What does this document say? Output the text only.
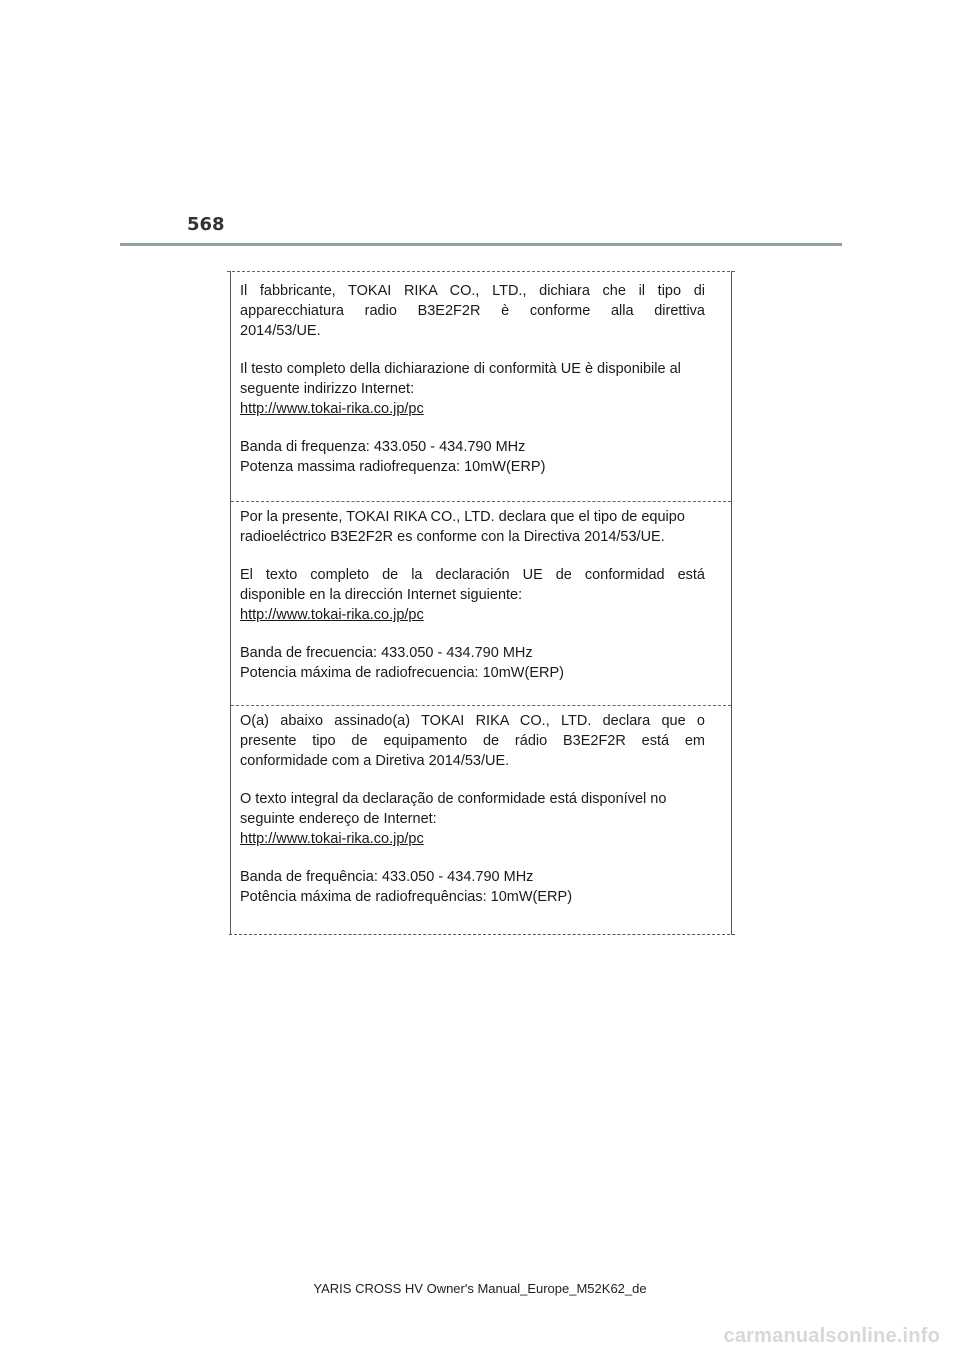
568

Il fabbricante, TOKAI RIKA CO., LTD., dichiara che il tipo di

apparecchiatura radio B3E2F2R è conforme alla direttiva

2014/53/UE.

Il testo completo della dichiarazione di conformità UE è disponibile al

seguente indirizzo Internet:

http://www.tokai-rika.co.jp/pc

Banda di frequenza: 433.050 - 434.790 MHz

Potenza massima radiofrequenza: 10mW(ERP)

Por la presente, TOKAI RIKA CO., LTD. declara que el tipo de equipo

radioeléctrico B3E2F2R es conforme con la Directiva 2014/53/UE.

El texto completo de la declaración UE de conformidad está

disponible en la dirección Internet siguiente:

http://www.tokai-rika.co.jp/pc

Banda de frecuencia: 433.050 - 434.790 MHz

Potencia máxima de radiofrecuencia: 10mW(ERP)

O(a) abaixo assinado(a) TOKAI RIKA CO., LTD. declara que o

presente tipo de equipamento de rádio B3E2F2R está em

conformidade com a Diretiva 2014/53/UE.

O texto integral da declaração de conformidade está disponível no

seguinte endereço de Internet:

http://www.tokai-rika.co.jp/pc

Banda de frequência: 433.050 - 434.790 MHz

Potência máxima de radiofrequências: 10mW(ERP)

YARIS CROSS HV Owner's Manual_Europe_M52K62_de
carmanualsonline.info
